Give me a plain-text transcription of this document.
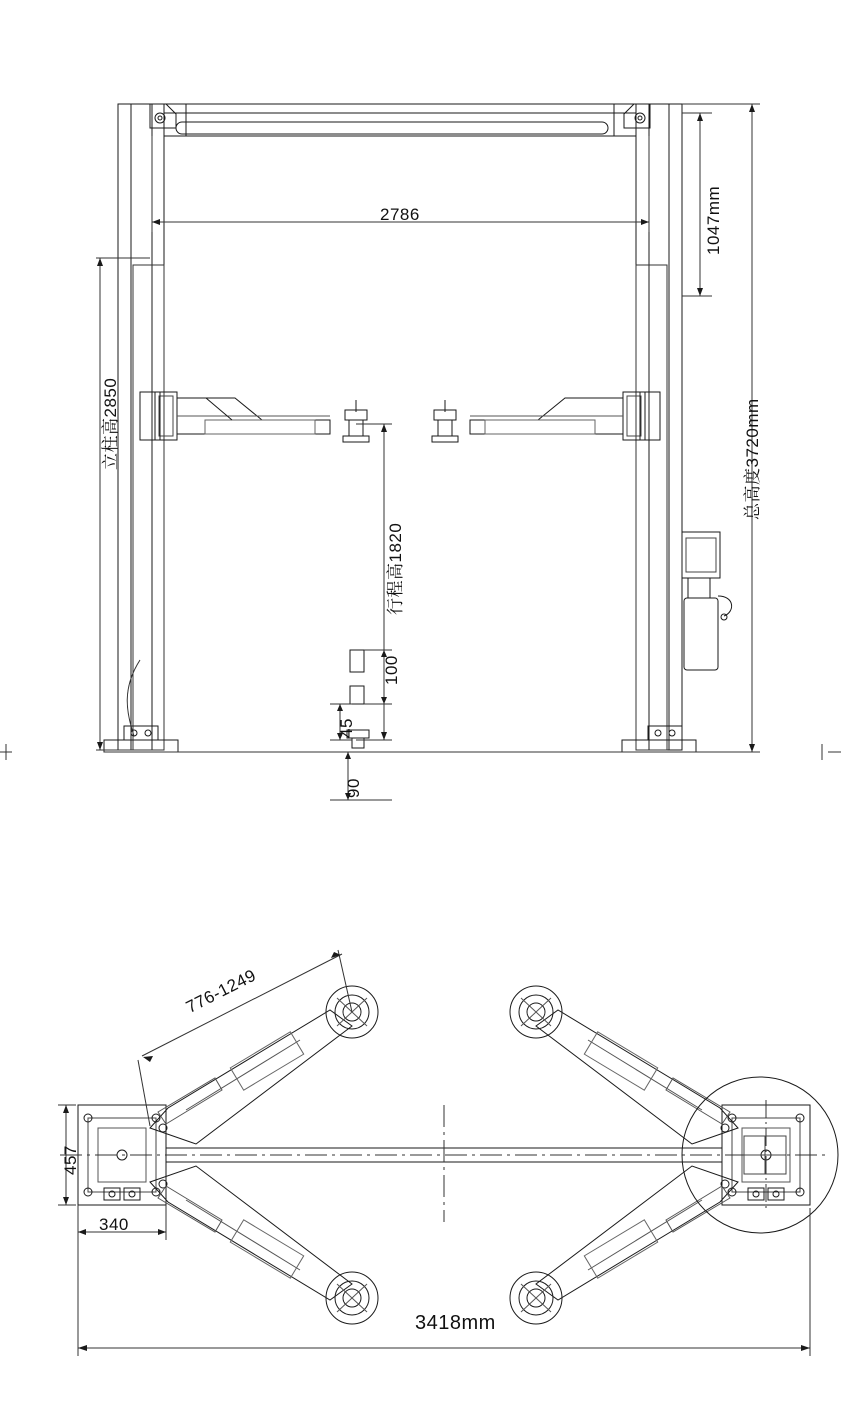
2786	1047mm
立柱高2850	总高度3720mm
行程高1820
100
45
90
776-1249
457
340
3418mm
